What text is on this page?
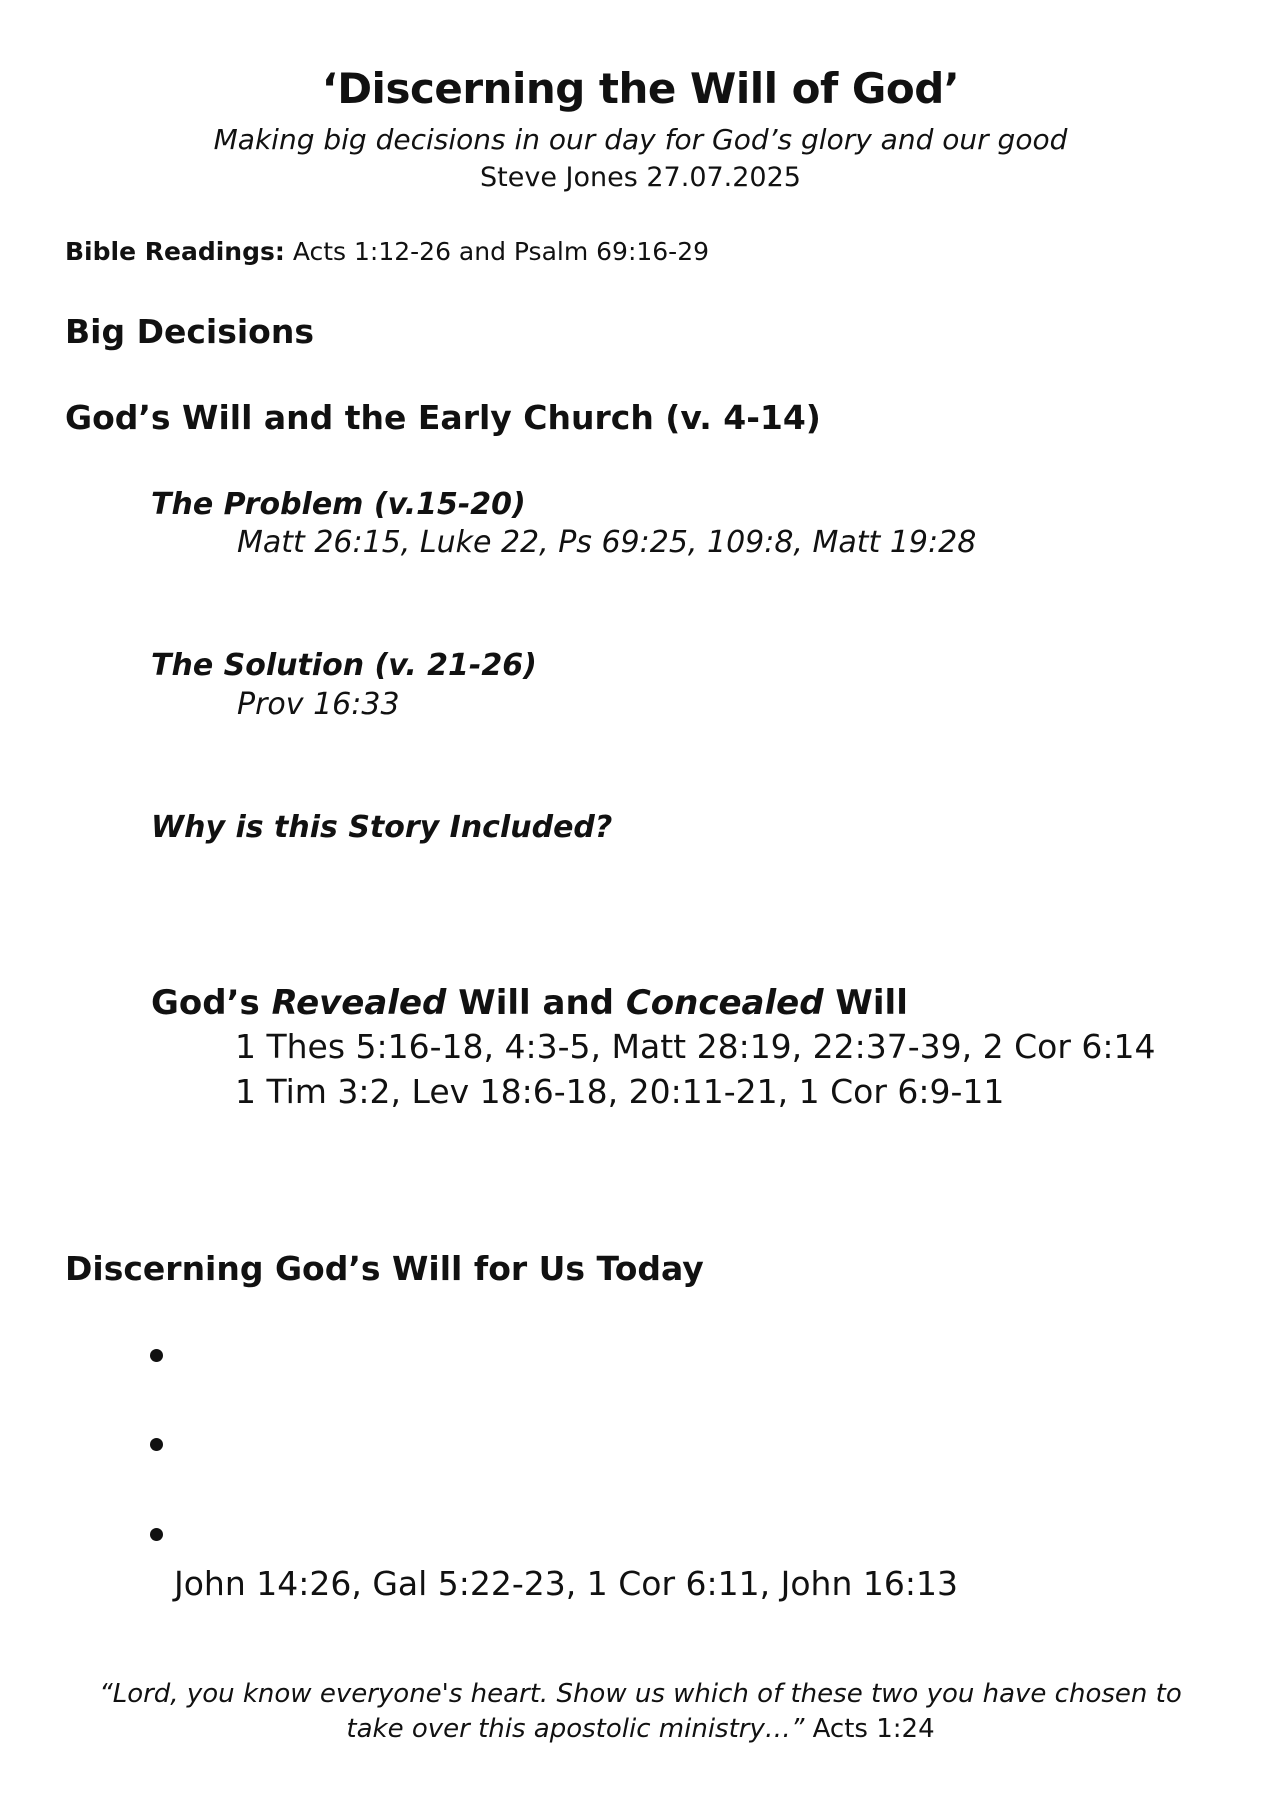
‘Discerning the Will of God’
Making big decisions in our day for God’s glory and our good
Steve Jones 27.07.2025
Bible Readings: Acts 1:12-26 and Psalm 69:16-29
Big Decisions
God’s Will and the Early Church (v. 4-14)
The Problem (v.15-20)
Matt 26:15, Luke 22, Ps 69:25, 109:8, Matt 19:28
The Solution (v. 21-26)
Prov 16:33
Why is this Story Included?
God’s Revealed Will and Concealed Will
1 Thes 5:16-18, 4:3-5, Matt 28:19, 22:37-39, 2 Cor 6:14
1 Tim 3:2, Lev 18:6-18, 20:11-21, 1 Cor 6:9-11
Discerning God’s Will for Us Today
John 14:26, Gal 5:22-23, 1 Cor 6:11, John 16:13
“Lord, you know everyone's heart. Show us which of these two you have chosen to
take over this apostolic ministry…” Acts 1:24
